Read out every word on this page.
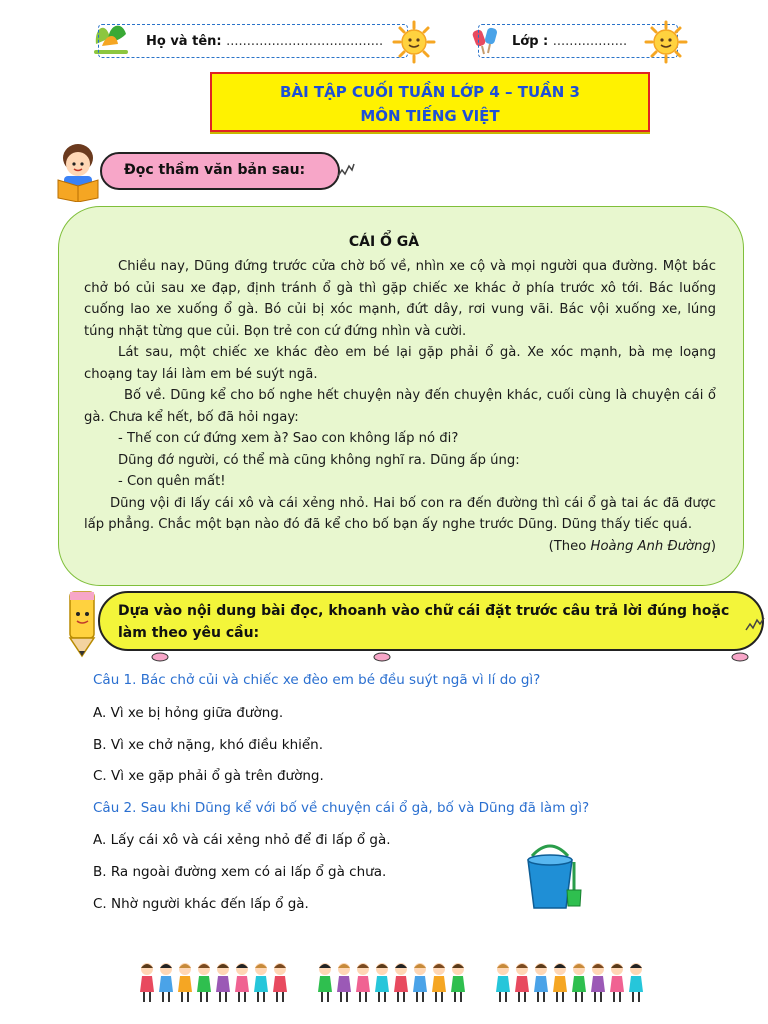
Họ và tên: ......................................	Lớp : ..................
BÀI TẬP CUỐI TUẦN LỚP 4 – TUẦN 3
MÔN TIẾNG VIỆT
Đọc thầm văn bản sau:
CÁI Ổ GÀ

Chiều nay, Dũng đứng trước cửa chờ bố về, nhìn xe cộ và mọi người qua đường. Một bác chở bó củi sau xe đạp, định tránh ổ gà thì gặp chiếc xe khác ở phía trước xô tới. Bác luống cuống lao xe xuống ổ gà. Bó củi bị xóc mạnh, đứt dây, rơi vung vãi. Bác vội xuống xe, lúng túng nhặt từng que củi. Bọn trẻ con cứ đứng nhìn và cười.

Lát sau, một chiếc xe khác đèo em bé lại gặp phải ổ gà. Xe xóc mạnh, bà mẹ loạng choạng tay lái làm em bé suýt ngã.

Bố về. Dũng kể cho bố nghe hết chuyện này đến chuyện khác, cuối cùng là chuyện cái ổ gà. Chưa kể hết, bố đã hỏi ngay:

- Thế con cứ đứng xem à? Sao con không lấp nó đi?

Dũng đớ người, có thể mà cũng không nghĩ ra. Dũng ấp úng:

- Con quên mất!

Dũng vội đi lấy cái xô và cái xẻng nhỏ. Hai bố con ra đến đường thì cái ổ gà tai ác đã được lấp phẳng. Chắc một bạn nào đó đã kể cho bố bạn ấy nghe trước Dũng. Dũng thấy tiếc quá.

(Theo Hoàng Anh Đường)

Dựa vào nội dung bài đọc, khoanh vào chữ cái đặt trước câu trả lời đúng hoặc
làm theo yêu cầu:
Câu 1. Bác chở củi và chiếc xe đèo em bé đều suýt ngã vì lí do gì?
A. Vì xe bị hỏng giữa đường.
B. Vì xe chở nặng, khó điều khiển.
C. Vì xe gặp phải ổ gà trên đường.
Câu 2. Sau khi Dũng kể với bố về chuyện cái ổ gà, bố và Dũng đã làm gì?
A. Lấy cái xô và cái xẻng nhỏ để đi lấp ổ gà.
B. Ra ngoài đường xem có ai lấp ổ gà chưa.
C. Nhờ người khác đến lấp ổ gà.
